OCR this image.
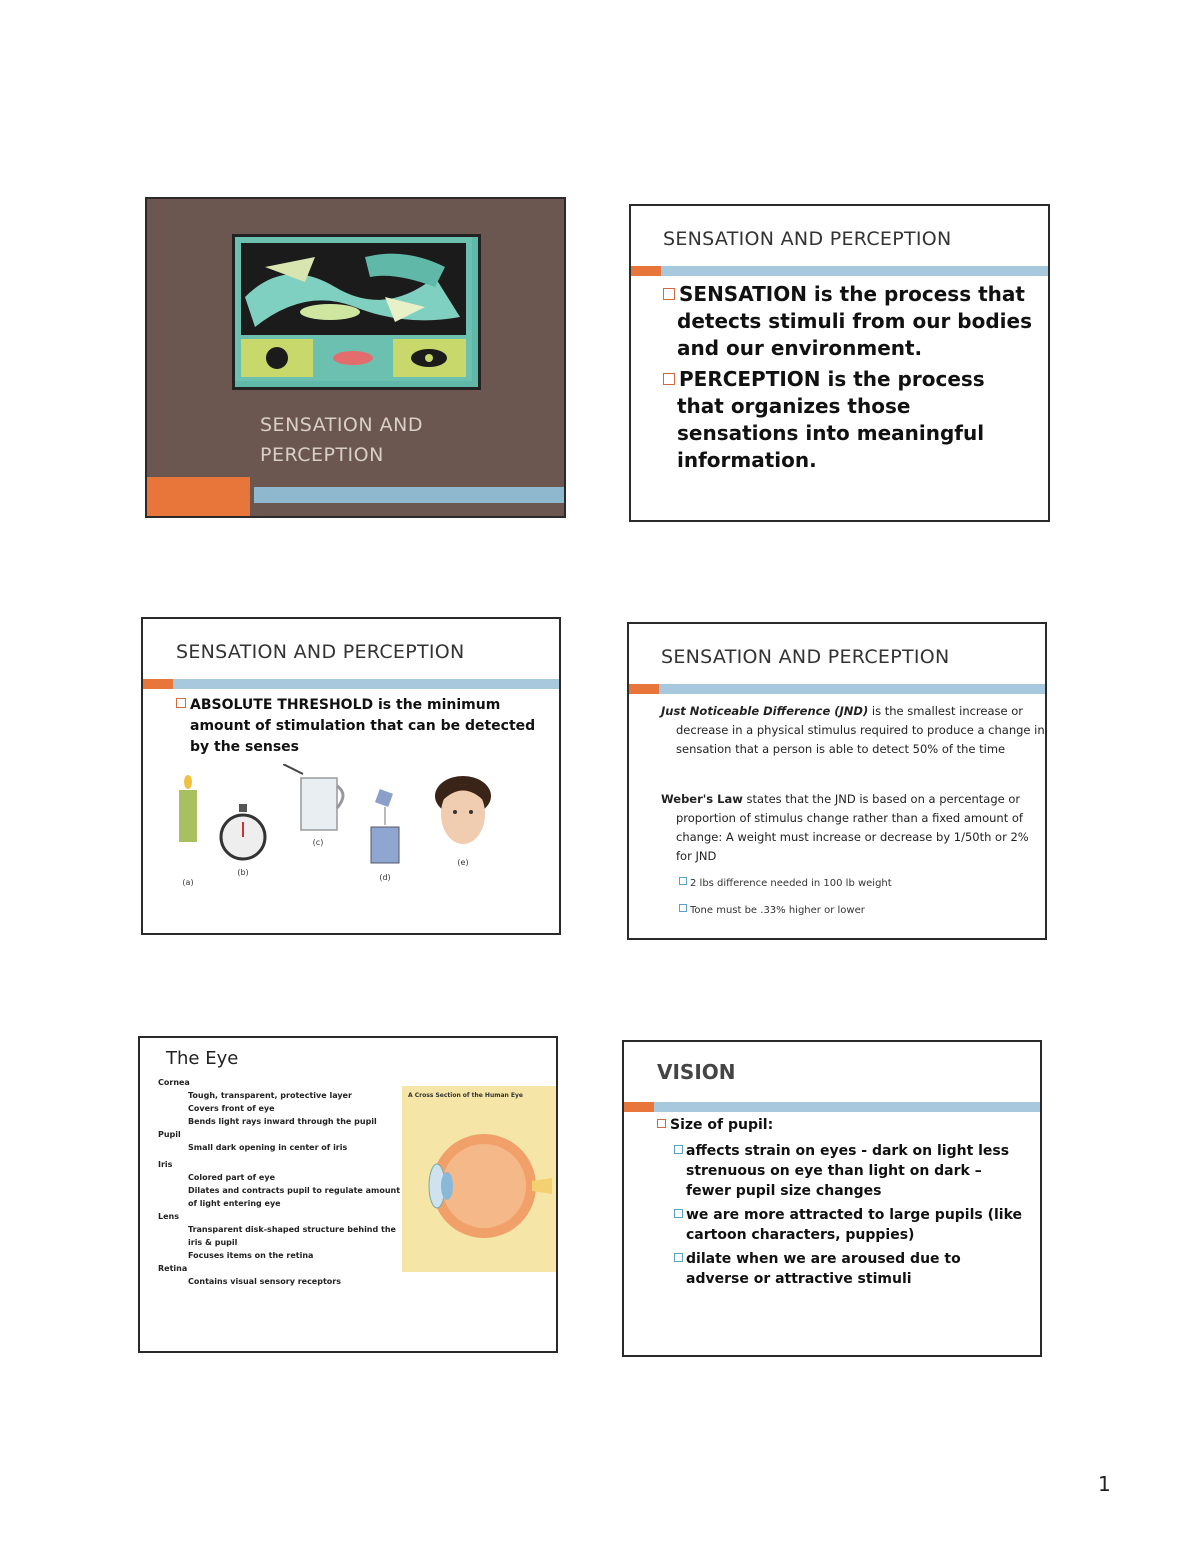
SENSATION AND
PERCEPTION
SENSATION AND PERCEPTION
SENSATION is the process that detects stimuli from our bodies and our environment.
PERCEPTION is the process that organizes those sensations into meaningful information.
SENSATION AND PERCEPTION
ABSOLUTE THRESHOLD is the minimum amount of stimulation that can be detected by the senses
(a)
(b)
(c)
(d)
(e)
SENSATION AND PERCEPTION
Just Noticeable Difference (JND) is the smallest increase or decrease in a physical stimulus required to produce a change in sensation that a person is able to detect 50% of the time
Weber's Law states that the JND is based on a percentage or proportion of stimulus change rather than a fixed amount of change: A weight must increase or decrease by 1/50th or 2% for JND
2 lbs difference needed in 100 lb weight
Tone must be .33% higher or lower
The Eye
Cornea
Tough, transparent, protective layer
Covers front of eye
Bends light rays inward through the pupil
Pupil
Small dark opening in center of iris
Iris
Colored part of eye
Dilates and contracts pupil to regulate amount of light entering eye
Lens
Transparent disk-shaped structure behind the iris & pupil
Focuses items on the retina
Retina
Contains visual sensory receptors
A Cross Section of the Human Eye
VISION
Size of pupil:
affects strain on eyes - dark on light less strenuous on eye than light on dark – fewer pupil size changes
we are more attracted to large pupils (like cartoon characters, puppies)
dilate when we are aroused due to adverse or attractive stimuli
1
